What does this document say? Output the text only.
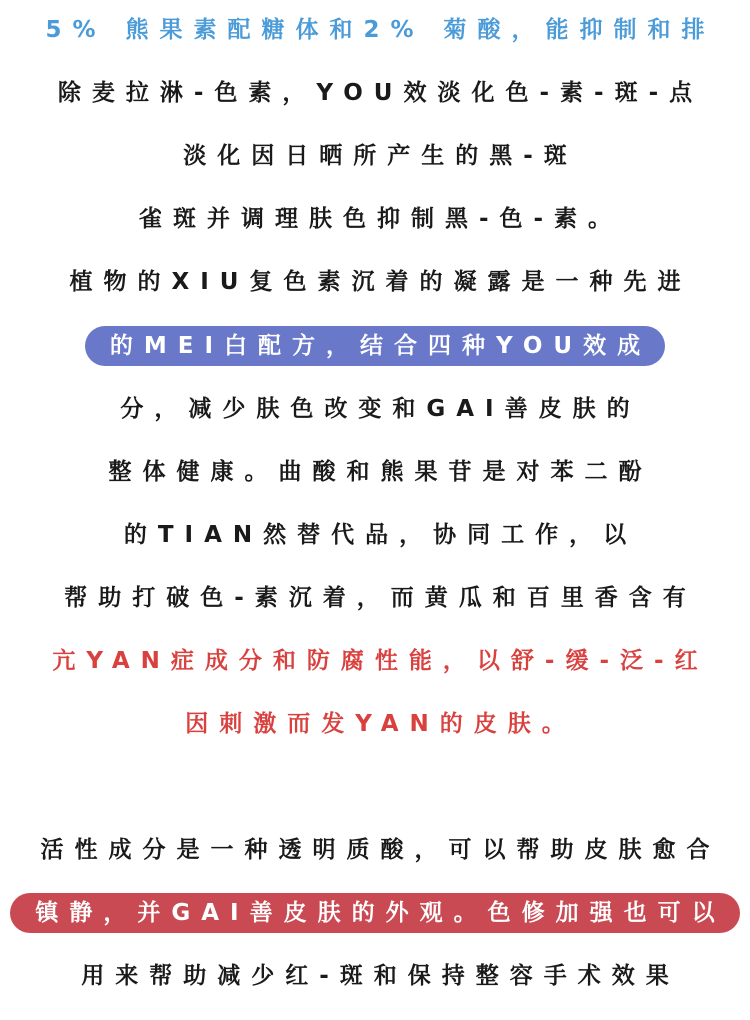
5% 熊果素配糖体和2% 菊酸，能抑制和排
除麦拉淋-色素，YOU效淡化色-素-斑-点
淡化因日晒所产生的黑-斑
雀斑并调理肤色抑制黑-色-素。
植物的XIU复色素沉着的凝露是一种先进
的MEI白配方，结合四种YOU效成
分，减少肤色改变和GAI善皮肤的
整体健康。曲酸和熊果苷是对苯二酚
的TIAN然替代品，协同工作，以
帮助打破色-素沉着，而黄瓜和百里香含有
亢YAN症成分和防腐性能，以舒-缓-泛-红
因刺激而发YAN的皮肤。
活性成分是一种透明质酸，可以帮助皮肤愈合
镇静，并GAI善皮肤的外观。色修加强也可以
用来帮助减少红-斑和保持整容手术效果
